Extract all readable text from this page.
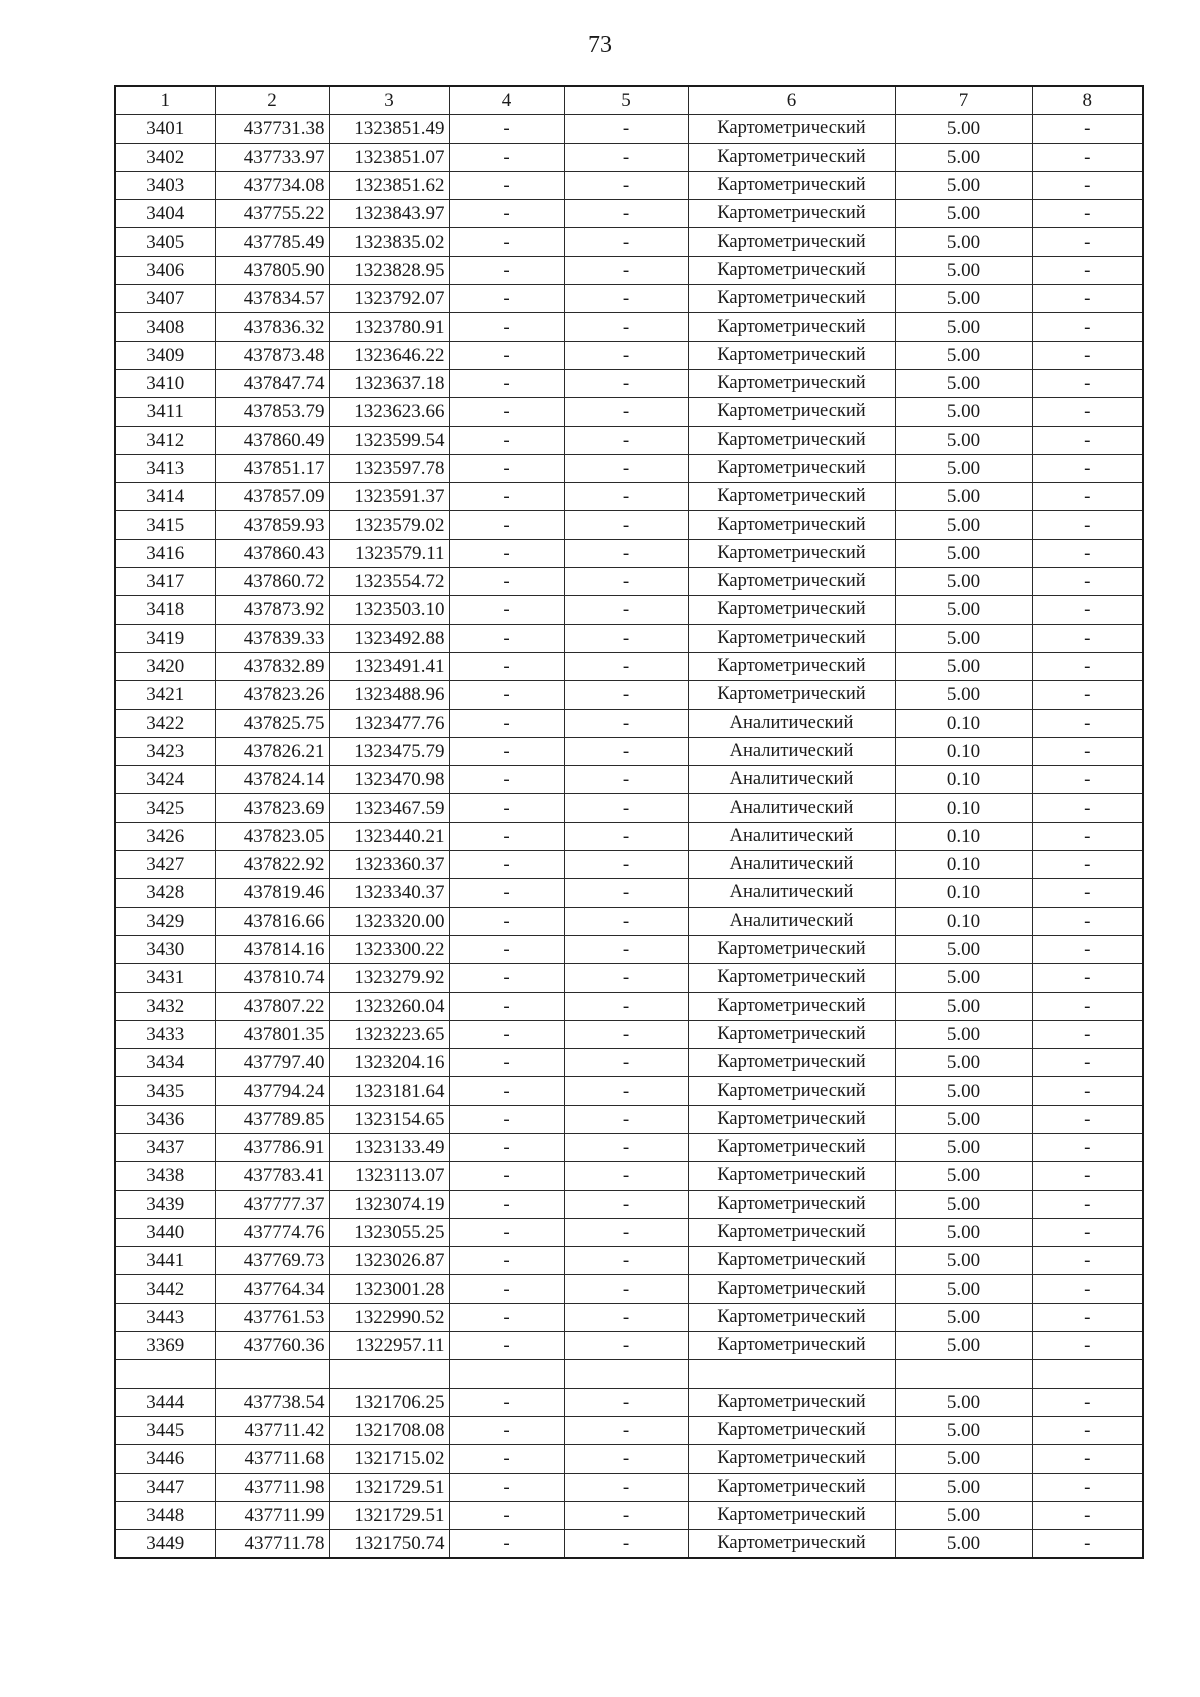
73
1	2	3	4	5	6	7	8
3401	437731.38	1323851.49	-	-	Картометрический	5.00	-
3402	437733.97	1323851.07	-	-	Картометрический	5.00	-
3403	437734.08	1323851.62	-	-	Картометрический	5.00	-
3404	437755.22	1323843.97	-	-	Картометрический	5.00	-
3405	437785.49	1323835.02	-	-	Картометрический	5.00	-
3406	437805.90	1323828.95	-	-	Картометрический	5.00	-
3407	437834.57	1323792.07	-	-	Картометрический	5.00	-
3408	437836.32	1323780.91	-	-	Картометрический	5.00	-
3409	437873.48	1323646.22	-	-	Картометрический	5.00	-
3410	437847.74	1323637.18	-	-	Картометрический	5.00	-
3411	437853.79	1323623.66	-	-	Картометрический	5.00	-
3412	437860.49	1323599.54	-	-	Картометрический	5.00	-
3413	437851.17	1323597.78	-	-	Картометрический	5.00	-
3414	437857.09	1323591.37	-	-	Картометрический	5.00	-
3415	437859.93	1323579.02	-	-	Картометрический	5.00	-
3416	437860.43	1323579.11	-	-	Картометрический	5.00	-
3417	437860.72	1323554.72	-	-	Картометрический	5.00	-
3418	437873.92	1323503.10	-	-	Картометрический	5.00	-
3419	437839.33	1323492.88	-	-	Картометрический	5.00	-
3420	437832.89	1323491.41	-	-	Картометрический	5.00	-
3421	437823.26	1323488.96	-	-	Картометрический	5.00	-
3422	437825.75	1323477.76	-	-	Аналитический	0.10	-
3423	437826.21	1323475.79	-	-	Аналитический	0.10	-
3424	437824.14	1323470.98	-	-	Аналитический	0.10	-
3425	437823.69	1323467.59	-	-	Аналитический	0.10	-
3426	437823.05	1323440.21	-	-	Аналитический	0.10	-
3427	437822.92	1323360.37	-	-	Аналитический	0.10	-
3428	437819.46	1323340.37	-	-	Аналитический	0.10	-
3429	437816.66	1323320.00	-	-	Аналитический	0.10	-
3430	437814.16	1323300.22	-	-	Картометрический	5.00	-
3431	437810.74	1323279.92	-	-	Картометрический	5.00	-
3432	437807.22	1323260.04	-	-	Картометрический	5.00	-
3433	437801.35	1323223.65	-	-	Картометрический	5.00	-
3434	437797.40	1323204.16	-	-	Картометрический	5.00	-
3435	437794.24	1323181.64	-	-	Картометрический	5.00	-
3436	437789.85	1323154.65	-	-	Картометрический	5.00	-
3437	437786.91	1323133.49	-	-	Картометрический	5.00	-
3438	437783.41	1323113.07	-	-	Картометрический	5.00	-
3439	437777.37	1323074.19	-	-	Картометрический	5.00	-
3440	437774.76	1323055.25	-	-	Картометрический	5.00	-
3441	437769.73	1323026.87	-	-	Картометрический	5.00	-
3442	437764.34	1323001.28	-	-	Картометрический	5.00	-
3443	437761.53	1322990.52	-	-	Картометрический	5.00	-
3369	437760.36	1322957.11	-	-	Картометрический	5.00	-

3444	437738.54	1321706.25	-	-	Картометрический	5.00	-
3445	437711.42	1321708.08	-	-	Картометрический	5.00	-
3446	437711.68	1321715.02	-	-	Картометрический	5.00	-
3447	437711.98	1321729.51	-	-	Картометрический	5.00	-
3448	437711.99	1321729.51	-	-	Картометрический	5.00	-
3449	437711.78	1321750.74	-	-	Картометрический	5.00	-
